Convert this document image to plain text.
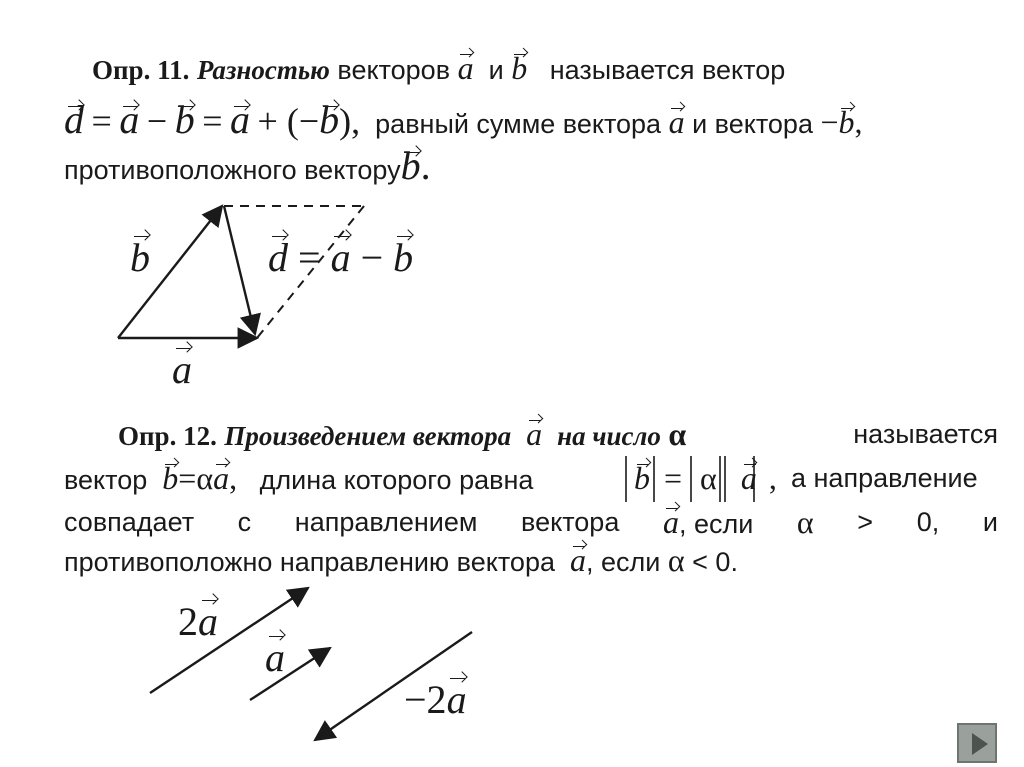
Опр. 11. Разностью векторов a и b называется вектор
d = a − b = a + (−b), равный сумме вектора a и вектора −b,
противоположного векторуb.
b	d = a − b
a
Опр. 12. Произведением вектора a на число α	называется
вектор b=αa, длина которого равна	b = α a , а направление
совпадает с направлением вектора a, если α > 0, и
противоположно направлению вектора a, если α < 0.
2a
a
−2a
